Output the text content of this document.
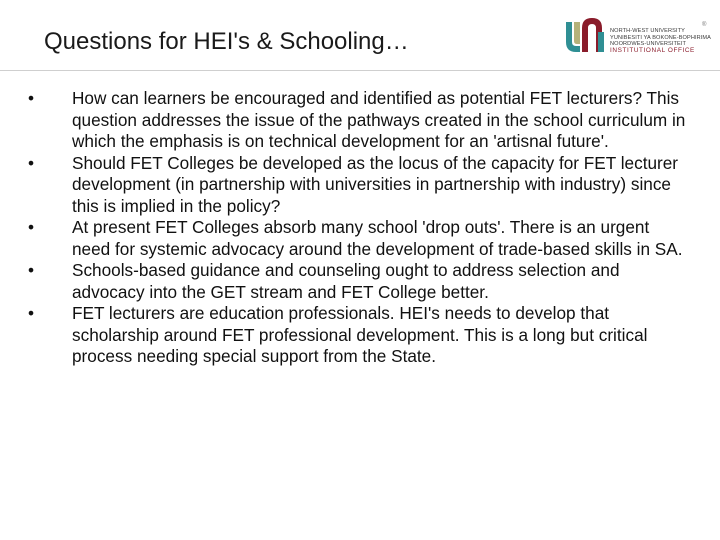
Questions for HEI's & Schooling…	NORTH-WEST UNIVERSITY
YUNIBESITI YA BOKONE-BOPHIRIMA
NOORDWES-UNIVERSITEIT
INSTITUTIONAL OFFICE
®
•	How can learners be encouraged and identified as potential FET lecturers? This question addresses the issue of the pathways created in the school curriculum in which the emphasis is on technical development for an 'artisnal future'.
•	Should FET Colleges be developed as the locus of the capacity for FET lecturer development (in partnership with universities in partnership with industry) since this is implied in the policy?
•	At present FET Colleges absorb many school 'drop outs'. There is an urgent need for systemic advocacy around the development of trade-based skills in SA.
•	Schools-based guidance and counseling ought to address selection and advocacy into the GET stream and FET College better.
•	FET lecturers are education professionals. HEI's needs to develop that scholarship around FET professional development. This is a long but critical process needing special support from the State.
